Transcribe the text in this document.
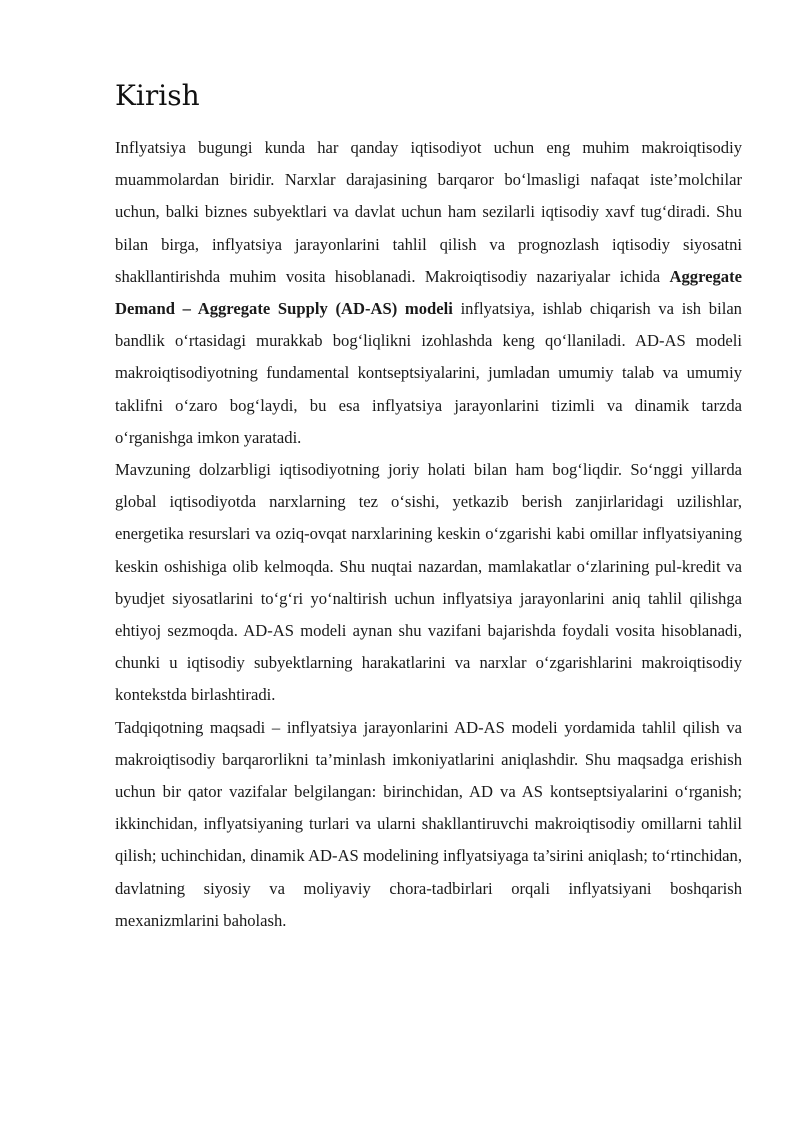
Kirish

Inflyatsiya bugungi kunda har qanday iqtisodiyot uchun eng muhim makroiqtisodiy muammolardan biridir. Narxlar darajasining barqaror bo‘lmasligi nafaqat iste’molchilar uchun, balki biznes subyektlari va davlat uchun ham sezilarli iqtisodiy xavf tug‘diradi. Shu bilan birga, inflyatsiya jarayonlarini tahlil qilish va prognozlash iqtisodiy siyosatni shakllantirishda muhim vosita hisoblanadi. Makroiqtisodiy nazariyalar ichida Aggregate Demand – Aggregate Supply (AD-AS) modeli inflyatsiya, ishlab chiqarish va ish bilan bandlik o‘rtasidagi murakkab bog‘liqlikni izohlashda keng qo‘llaniladi. AD-AS modeli makroiqtisodiyotning fundamental kontseptsiyalarini, jumladan umumiy talab va umumiy taklifni o‘zaro bog‘laydi, bu esa inflyatsiya jarayonlarini tizimli va dinamik tarzda o‘rganishga imkon yaratadi.

Mavzuning dolzarbligi iqtisodiyotning joriy holati bilan ham bog‘liqdir. So‘nggi yillarda global iqtisodiyotda narxlarning tez o‘sishi, yetkazib berish zanjirlaridagi uzilishlar, energetika resurslari va oziq-ovqat narxlarining keskin o‘zgarishi kabi omillar inflyatsiyaning keskin oshishiga olib kelmoqda. Shu nuqtai nazardan, mamlakatlar o‘zlarining pul-kredit va byudjet siyosatlarini to‘g‘ri yo‘naltirish uchun inflyatsiya jarayonlarini aniq tahlil qilishga ehtiyoj sezmoqda. AD-AS modeli aynan shu vazifani bajarishda foydali vosita hisoblanadi, chunki u iqtisodiy subyektlarning harakatlarini va narxlar o‘zgarishlarini makroiqtisodiy kontekstda birlashtiradi.

Tadqiqotning maqsadi – inflyatsiya jarayonlarini AD-AS modeli yordamida tahlil qilish va makroiqtisodiy barqarorlikni ta’minlash imkoniyatlarini aniqlashdir. Shu maqsadga erishish uchun bir qator vazifalar belgilangan: birinchidan, AD va AS kontseptsiyalarini o‘rganish; ikkinchidan, inflyatsiyaning turlari va ularni shakllantiruvchi makroiqtisodiy omillarni tahlil qilish; uchinchidan, dinamik AD-AS modelining inflyatsiyaga ta’sirini aniqlash; to‘rtinchidan, davlatning siyosiy va moliyaviy chora-tadbirlari orqali inflyatsiyani boshqarish mexanizmlarini baholash.
